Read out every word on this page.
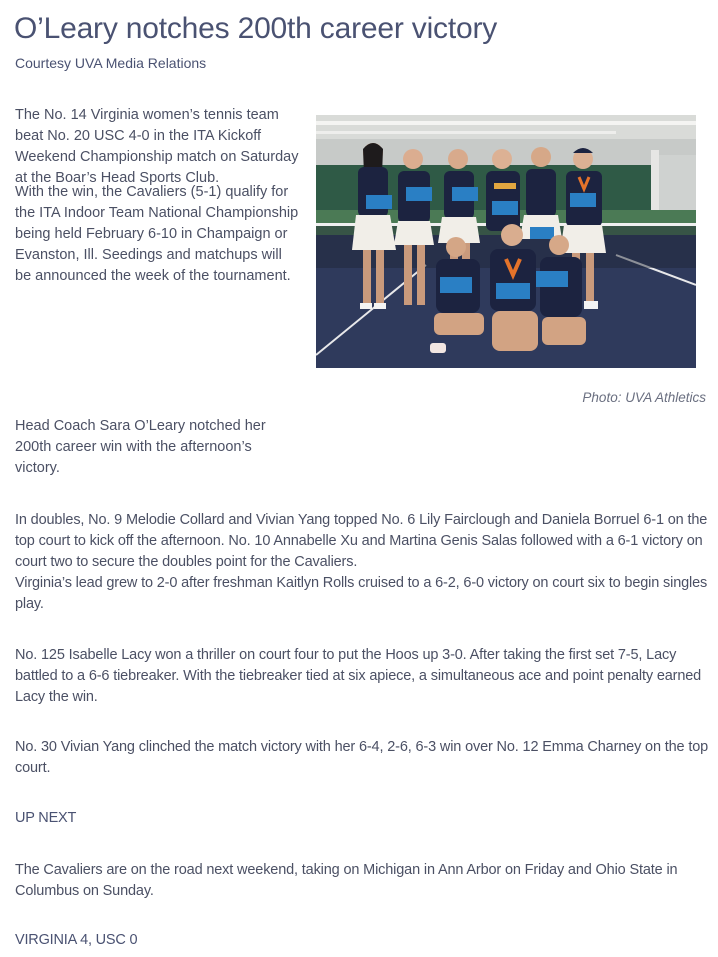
O’Leary notches 200th career victory
Courtesy UVA Media Relations

The No. 14 Virginia women’s tennis team beat No. 20 USC 4-0 in the ITA Kickoff Weekend Championship match on Saturday at the Boar’s Head Sports Club.

With the win, the Cavaliers (5-1) qualify for the ITA Indoor Team National Championship being held February 6-10 in Champaign or Evanston, Ill. Seedings and matchups will be announced the week of the tournament.

Head Coach Sara O’Leary notched her 200th career win with the afternoon’s victory.

Photo: UVA Athletics

In doubles, No. 9 Melodie Collard and Vivian Yang topped No. 6 Lily Fairclough and Daniela Borruel 6-1 on the top court to kick off the afternoon. No. 10 Annabelle Xu and Martina Genis Salas followed with a 6-1 victory on court two to secure the doubles point for the Cavaliers.

Virginia’s lead grew to 2-0 after freshman Kaitlyn Rolls cruised to a 6-2, 6-0 victory on court six to begin singles play.

No. 125 Isabelle Lacy won a thriller on court four to put the Hoos up 3-0. After taking the first set 7-5, Lacy battled to a 6-6 tiebreaker. With the tiebreaker tied at six apiece, a simultaneous ace and point penalty earned Lacy the win.

No. 30 Vivian Yang clinched the match victory with her 6-4, 2-6, 6-3 win over No. 12 Emma Charney on the top court.

UP NEXT

The Cavaliers are on the road next weekend, taking on Michigan in Ann Arbor on Friday and Ohio State in Columbus on Sunday.

VIRGINIA 4, USC 0
